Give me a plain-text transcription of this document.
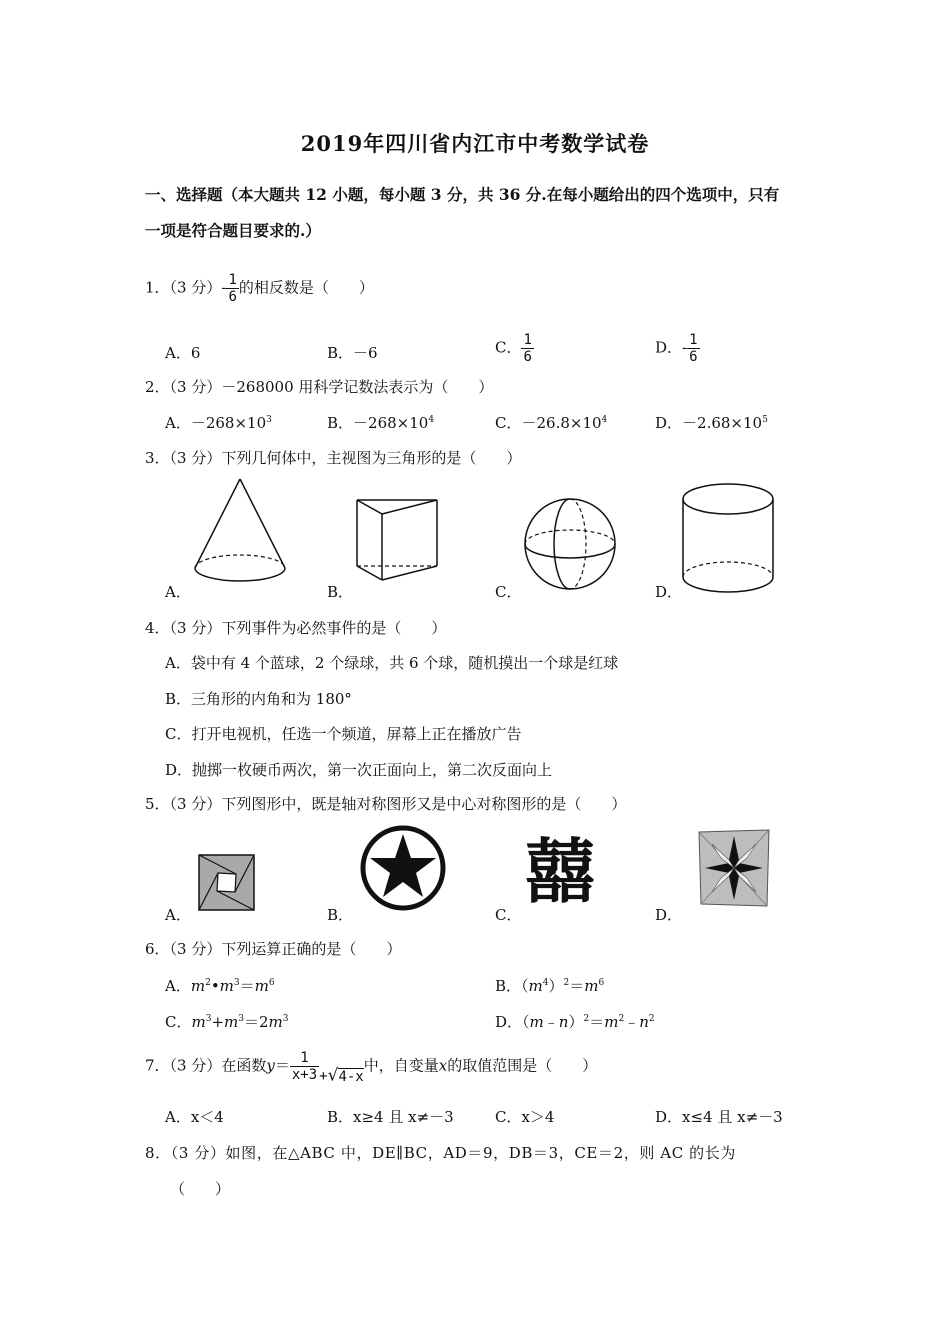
2019年四川省内江市中考数学试卷
一、选择题（本大题共 12 小题，每小题 3 分，共 36 分.在每小题给出的四个选项中，只有
一项是符合题目要求的.）
1．（3 分）- $\frac{1}{6}$ 的相反数是（　　）
A．6	B．－6	C． $\frac{1}{6}$	D．- $\frac{1}{6}$
2．（3 分）－268000 用科学记数法表示为（　　）
A．$-268\times 10^3$	B．$-268\times 10^4$	C．$-26.8\times 10^4$	D．$-2.68\times 10^5$
3．（3 分）下列几何体中，主视图为三角形的是（　　）
A．	B．	C．	D．
4．（3 分）下列事件为必然事件的是（　　）
A．袋中有 4 个蓝球，2 个绿球，共 6 个球，随机摸出一个球是红球
B．三角形的内角和为 180°
C．打开电视机，任选一个频道，屏幕上正在播放广告
D．抛掷一枚硬币两次，第一次正面向上，第二次反面向上
5．（3 分）下列图形中，既是轴对称图形又是中心对称图形的是（　　）
囍
A．	B．	C．	D．
6．（3 分）下列运算正确的是（　　）
A．$m^2•m^3=m^6$	B．$(m^4)^2=m^6$
C．$m^3+m^3=2m^3$	D．$(m﹣n)^2=m^2﹣n^2$
7．（3 分）在函数$y= \frac{1}{x+3} +√4-x$中，自变量x的取值范围是（　　）
A．x＜4	B．x≥4 且 x≠－3	C．x＞4	D．x≤4 且 x≠－3
8．（3 分）如图，在△ABC 中，DE∥BC，AD＝9，DB＝3，CE＝2，则 AC 的长为
（　　）
